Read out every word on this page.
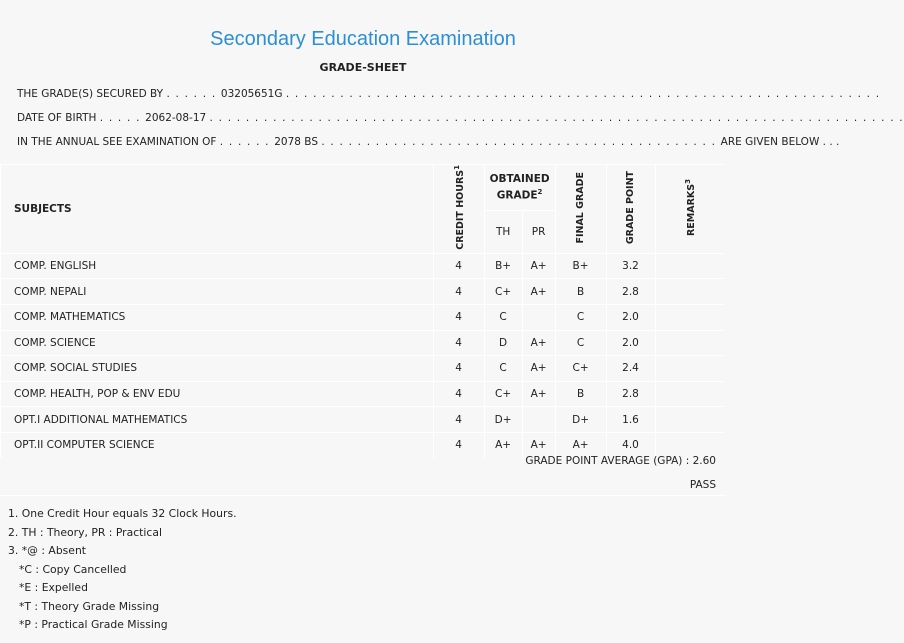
Secondary Education Examination
GRADE-SHEET
THE GRADE(S) SECURED BY . . . . . . 03205651G . . . . . . . . . . . . . . . . . . . . . . . . . . . . . . . . . . . . . . . . . . . . . . . . . . . . . . . . . . . . . . . . . .
DATE OF BIRTH . . . . . 2062-08-17 . . . . . . . . . . . . . . . . . . . . . . . . . . . . . . . . . . . . . . . . . . . . . . . . . . . . . . . . . . . . . . . . . . . . . . . . . . . . .
IN THE ANNUAL SEE EXAMINATION OF . . . . . . 2078 BS . . . . . . . . . . . . . . . . . . . . . . . . . . . . . . . . . . . . . . . . . . . . ARE GIVEN BELOW . . .
SUBJECTS	CREDIT HOURS$^1$	OBTAINED GRADE$^2$		FINAL GRADE	GRADE POINT	REMARKS$^3$
		TH	PR			
COMP. ENGLISH	4	B+	A+	B+	3.2	
COMP. NEPALI	4	C+	A+	B	2.8	
COMP. MATHEMATICS	4	C		C	2.0	
COMP. SCIENCE	4	D	A+	C	2.0	
COMP. SOCIAL STUDIES	4	C	A+	C+	2.4	
COMP. HEALTH, POP & ENV EDU	4	C+	A+	B	2.8	
OPT.I ADDITIONAL MATHEMATICS	4	D+		D+	1.6	
OPT.II COMPUTER SCIENCE	4	A+	A+	A+	4.0	
GRADE POINT AVERAGE (GPA) : 2.60
PASS
1. One Credit Hour equals 32 Clock Hours.
2. TH : Theory, PR : Practical
3. *@ : Absent
*C : Copy Cancelled
*E : Expelled
*T : Theory Grade Missing
*P : Practical Grade Missing
